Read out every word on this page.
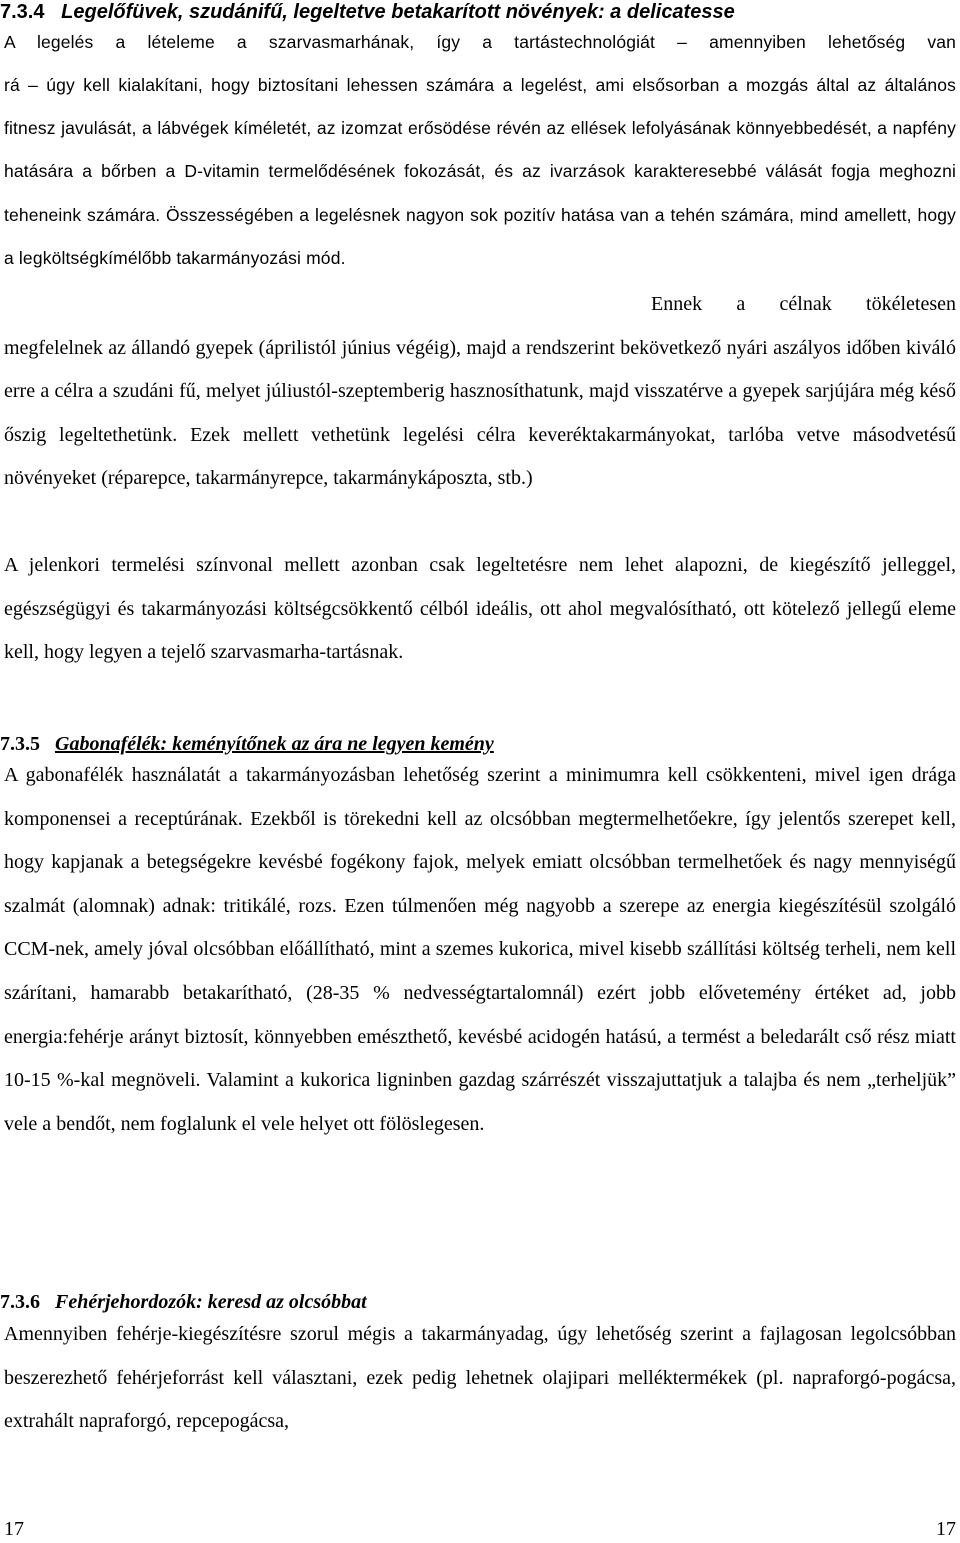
7.3.4 Legelőfüvek, szudánifű, legeltetve betakarított növények: a delicatesse

A legelés a lételeme a szarvasmarhának, így a tartástechnológiát – amennyiben lehetőség van

rá – úgy kell kialakítani, hogy biztosítani lehessen számára a legelést, ami elsősorban a mozgás által az általános fitnesz javulását, a lábvégek kíméletét, az izomzat erősödése révén az ellések lefolyásának könnyebbedését, a napfény hatására a bőrben a D-vitamin termelődésének fokozását, és az ivarzások karakteresebbé válását fogja meghozni teheneink számára. Összességében a legelésnek nagyon sok pozitív hatása van a tehén számára, mind amellett, hogy a legköltségkímélőbb takarmányozási mód.

Ennek a célnak tökéletesen megfelelnek az állandó gyepek (áprilistól június végéig), majd a rendszerint bekövetkező nyári aszályos időben kiváló erre a célra a szudáni fű, melyet júliustól-szeptemberig hasznosíthatunk, majd visszatérve a gyepek sarjújára még késő őszig legeltethetünk. Ezek mellett vethetünk legelési célra keveréktakarmányokat, tarlóba vetve másodvetésű növényeket (réparepce, takarmányrepce, takarmánykáposzta, stb.)

A jelenkori termelési színvonal mellett azonban csak legeltetésre nem lehet alapozni, de kiegészítő jelleggel, egészségügyi és takarmányozási költségcsökkentő célból ideális, ott ahol megvalósítható, ott kötelező jellegű eleme kell, hogy legyen a tejelő szarvasmarha-tartásnak.

7.3.5 Gabonafélék: keményítőnek az ára ne legyen kemény

A gabonafélék használatát a takarmányozásban lehetőség szerint a minimumra kell csökkenteni, mivel igen drága komponensei a receptúrának. Ezekből is törekedni kell az olcsóbban megtermelhetőekre, így jelentős szerepet kell, hogy kapjanak a betegségekre kevésbé fogékony fajok, melyek emiatt olcsóbban termelhetőek és nagy mennyiségű szalmát (alomnak) adnak: tritikálé, rozs. Ezen túlmenően még nagyobb a szerepe az energia kiegészítésül szolgáló CCM-nek, amely jóval olcsóbban előállítható, mint a szemes kukorica, mivel kisebb szállítási költség terheli, nem kell szárítani, hamarabb betakarítható, (28-35 % nedvességtartalomnál) ezért jobb elővetemény értéket ad, jobb energia:fehérje arányt biztosít, könnyebben emészthető, kevésbé acidogén hatású, a termést a beledarált cső rész miatt 10-15 %-kal megnöveli. Valamint a kukorica ligninben gazdag szárrészét visszajuttatjuk a talajba és nem „terheljük” vele a bendőt, nem foglalunk el vele helyet ott fölöslegesen.

7.3.6 Fehérjehordozók: keresd az olcsóbbat

Amennyiben fehérje-kiegészítésre szorul mégis a takarmányadag, úgy lehetőség szerint a fajlagosan legolcsóbban beszerezhető fehérjeforrást kell választani, ezek pedig lehetnek olajipari melléktermékek (pl. napraforgó-pogácsa, extrahált napraforgó, repcepogácsa,

17	17
